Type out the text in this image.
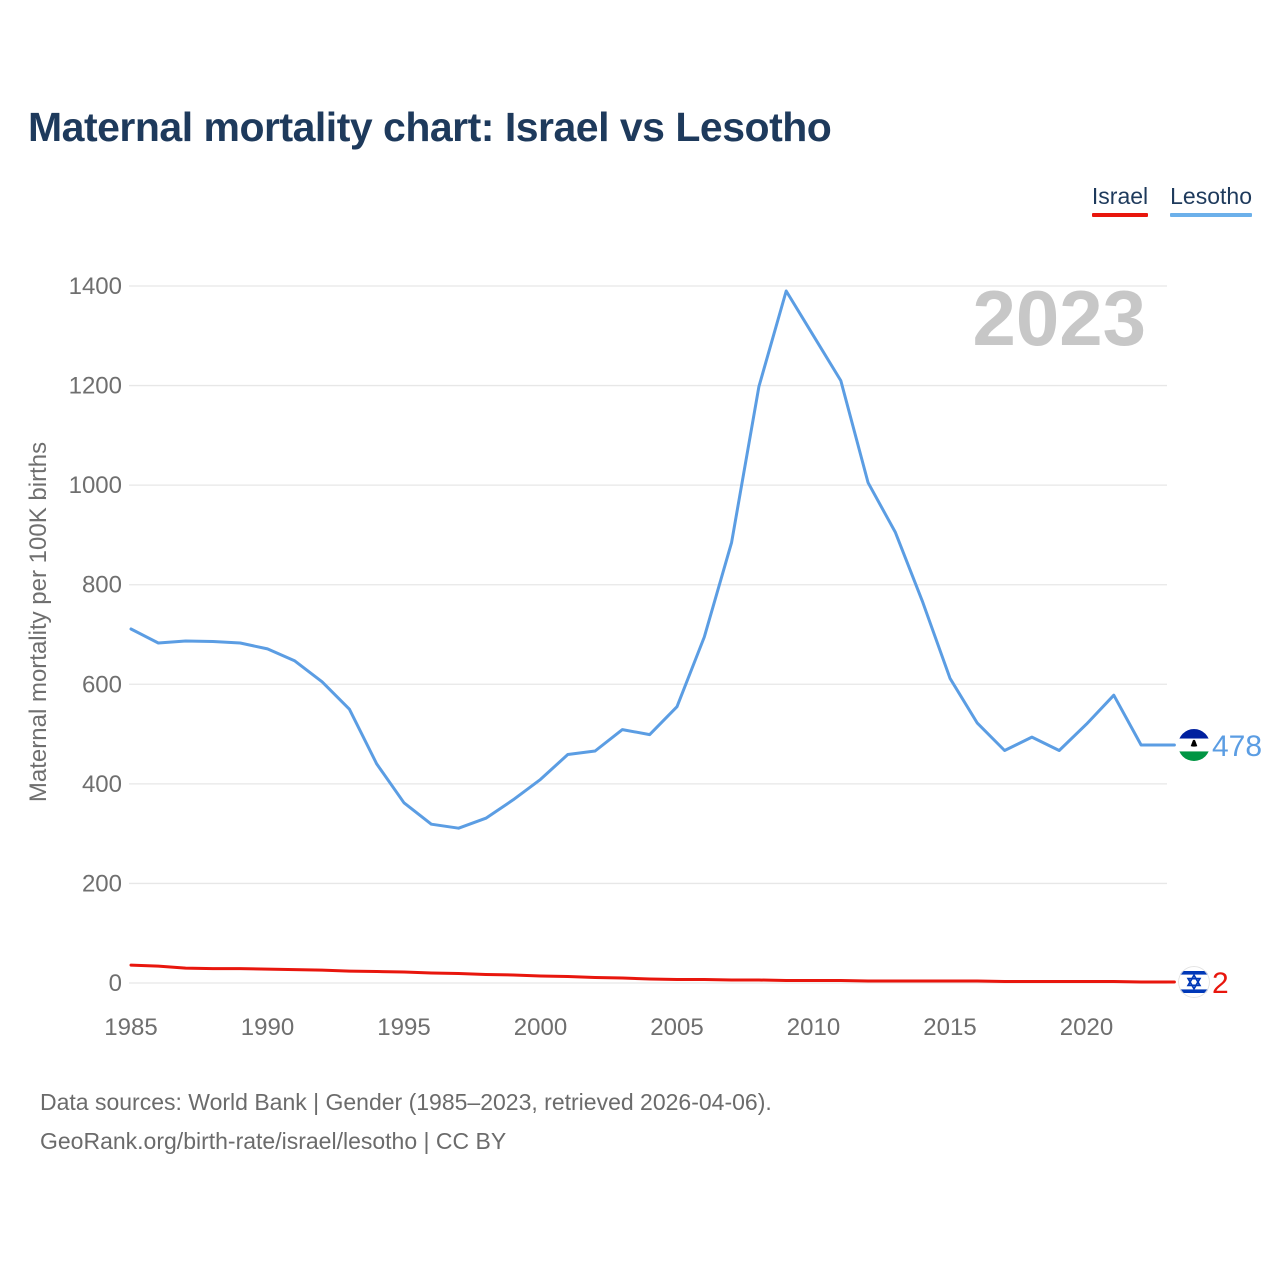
Maternal mortality chart: Israel vs Lesotho
Israel Lesotho
0
200
400
600
800
1000
1200
1400	2023
1985	1990	1995	2000	2005	2010	2015	2020
Maternal mortality per 100K births	478
2
Data sources: World Bank | Gender (1985–2023, retrieved 2026-04-06).
GeoRank.org/birth-rate/israel/lesotho | CC BY
